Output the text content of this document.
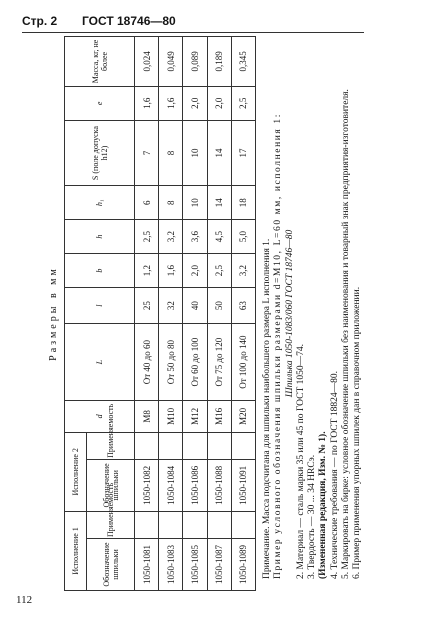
Стр. 2 ГОСТ 18746—80
Размеры в мм
Исполнение 1		Исполнение 2		d	L	l	b	h	h₁	S (поле допуска h12)	e	Масса, кг, не более
Обозначение шпильки	Применяемость	Обозначение шпильки	Применяемость									
1050-1081		1050-1082		M8	От 40 до 60	25	1,2	2,5	6	7	1,6	0,024
1050-1083		1050-1084		M10	От 50 до 80	32	1,6	3,2	8	8	1,6	0,049
1050-1085		1050-1086		M12	От 60 до 100	40	2,0	3,6	10	10	2,0	0,089
1050-1087		1050-1088		M16	От 75 до 120	50	2,5	4,5	14	14	2,0	0,189
1050-1089		1050-1091		M20	От 100 до 140	63	3,2	5,0	18	17	2,5	0,345

Примечание. Масса подсчитана для шпильки наибольшего размера L исполнения 1. Пример условного обозначения шпильки размерами d=M10, L=60 мм, исполнения 1: Шпилька 1050-1083/060 ГОСТ 18746—80

2. Материал — сталь марки 35 или 45 по ГОСТ 1050—74. 3. Твердость — 30 ... 34 HRCэ. (Измененная редакция, Изм. № 1). 4. Технические требования — по ГОСТ 18824—80. 5. Маркировать на бирке: условное обозначение шпильки без наименования и товарный знак предприятия-изготовителя. 6. Пример применения упорных шпилек дан в справочном приложении.

112
